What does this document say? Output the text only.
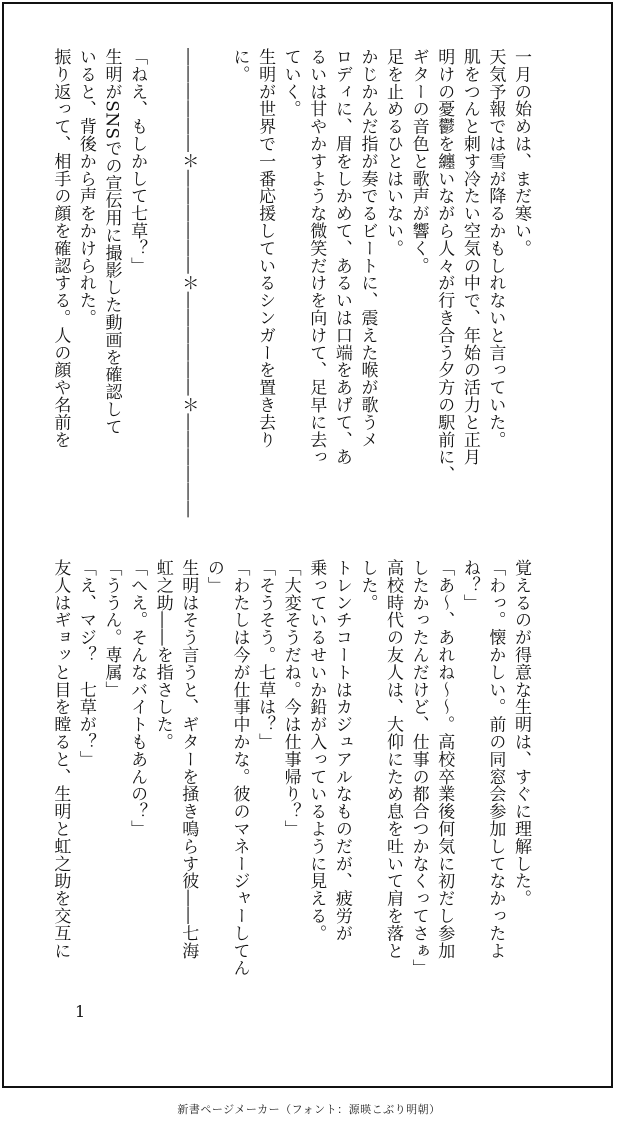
一月の始めは、まだ寒い。
天気予報では雪が降るかもしれないと言っていた。
肌をつんと刺す冷たい空気の中で、年始の活力と正月
明けの憂鬱を纏いながら人々が行き合う夕方の駅前に、
ギターの音色と歌声が響く。
足を止めるひとはいない。
かじかんだ指が奏でるビートに、震えた喉が歌うメ
ロディに、眉をしかめて、あるいは口端をあげて、あ
るいは甘やかすような微笑だけを向けて、足早に去っ
ていく。
生明が世界で一番応援しているシンガーを置き去り
に。

――――――＊――――――＊――――――＊――――――

「ねえ、もしかして七草？」
生明がSNSでの宣伝用に撮影した動画を確認して
いると、背後から声をかけられた。
振り返って、相手の顔を確認する。人の顔や名前を
覚えるのが得意な生明は、すぐに理解した。
「わっ。懐かしい。前の同窓会参加してなかったよ
ね？」
「あ～、あれね～～。高校卒業後何気に初だし参加
したかったんだけど、仕事の都合つかなくってさぁ」
高校時代の友人は、大仰にため息を吐いて肩を落と
した。
トレンチコートはカジュアルなものだが、疲労が
乗っているせいか鉛が入っているように見える。
「大変そうだね。今は仕事帰り？」
「そうそう。七草は？」
「わたしは今が仕事中かな。彼のマネージャーしてん
の」
生明はそう言うと、ギターを掻き鳴らす彼――七海
虹之助――を指さした。
「へえ。そんなバイトもあんの？」
「ううん。専属」
「え、マジ？　七草が？」
友人はギョッと目を瞠ると、生明と虹之助を交互に
1
新書ページメーカー（フォント：源暎こぶり明朝）
